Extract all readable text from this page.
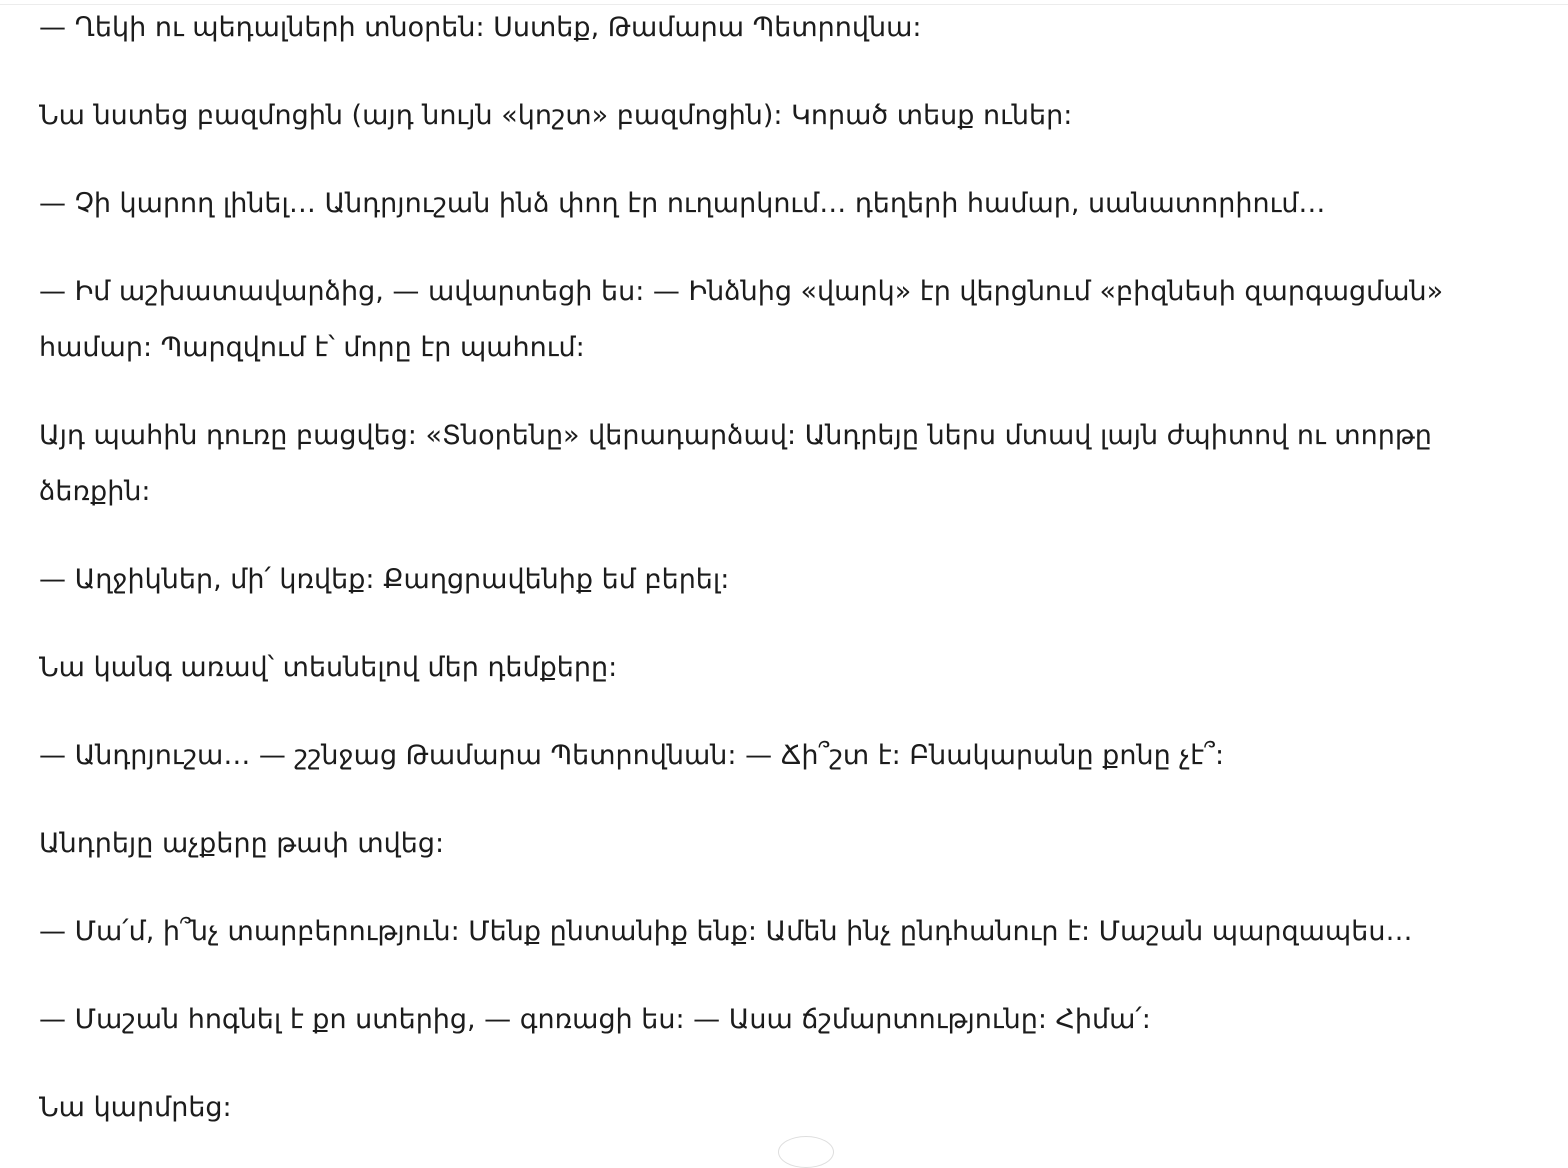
— Ղեկի ու պեդալների տնօրեն: Սստեք, Թամարա Պետրովնա:

Նա նստեց բազմոցին (այդ նույն «կոշտ» բազմոցին): Կորած տեսք ուներ:

— Չի կարող լինել… Անդրյուշան ինձ փող էր ուղարկում… դեղերի համար, սանատորիում…

— Իմ աշխատավարձից, — ավարտեցի ես: — Ինձնից «վարկ» էր վերցնում «բիզնեսի զարգացման» համար: Պարզվում է՝ մորը էր պահում:

Այդ պահին դուռը բացվեց: «Տնօրենը» վերադարձավ: Անդրեյը ներս մտավ լայն ժպիտով ու տորթը ձեռքին:

— Աղջիկներ, մի՛ կռվեք: Քաղցրավենիք եմ բերել:

Նա կանգ առավ՝ տեսնելով մեր դեմքերը:

— Անդրյուշա… — շշնջաց Թամարա Պետրովնան: — Ճի՞շտ է: Բնակարանը քոնը չէ՞:

Անդրեյը աչքերը թափ տվեց:

— Մա՛մ, ի՞նչ տարբերություն: Մենք ընտանիք ենք: Ամեն ինչ ընդհանուր է: Մաշան պարզապես…

— Մաշան հոգնել է քո ստերից, — գոռացի ես: — Ասա ճշմարտությունը: Հիմա՛:

Նա կարմրեց:
